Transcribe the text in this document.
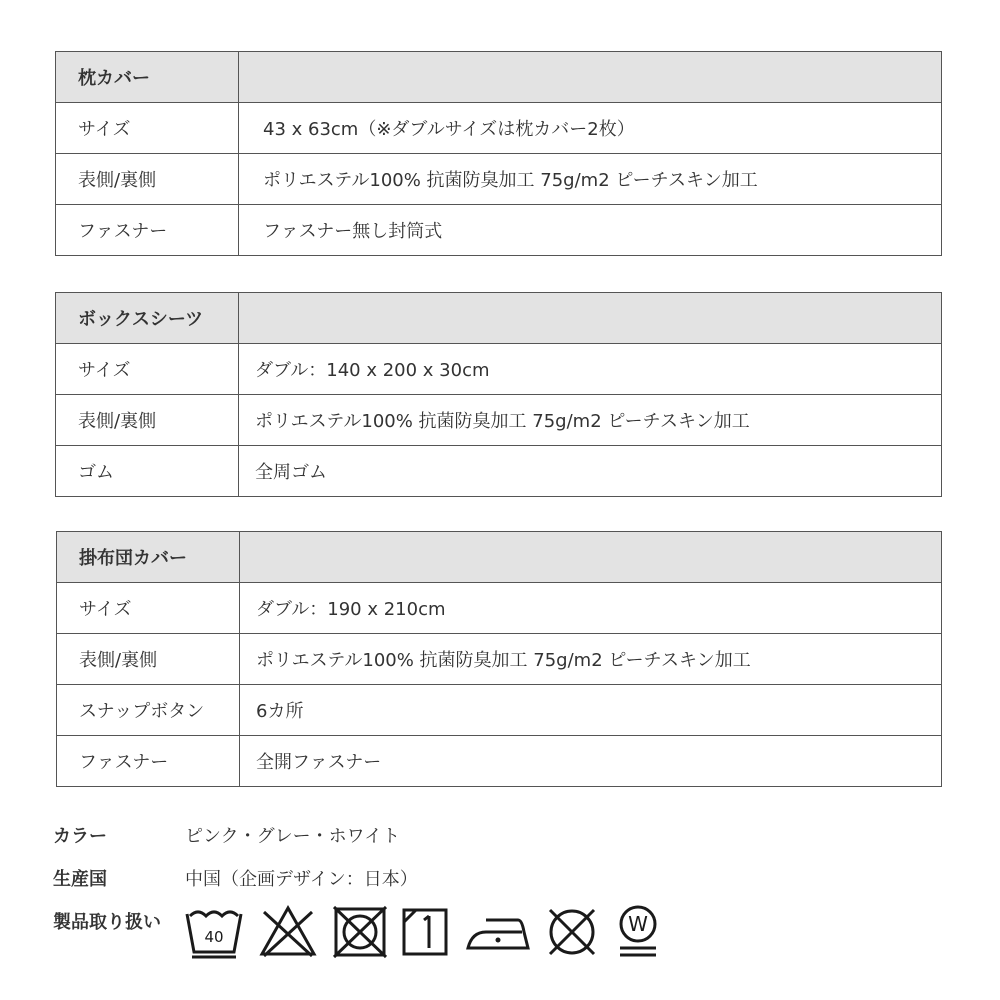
枕カバー	
サイズ	43 x 63cm（※ダブルサイズは枕カバー2枚）
表側/裏側	ポリエステル100% 抗菌防臭加工 75g/m2 ピーチスキン加工
ファスナー	ファスナー無し封筒式
ボックスシーツ	
サイズ	ダブル：140 x 200 x 30cm
表側/裏側	ポリエステル100% 抗菌防臭加工 75g/m2 ピーチスキン加工
ゴム	全周ゴム
掛布団カバー	
サイズ	ダブル：190 x 210cm
表側/裏側	ポリエステル100% 抗菌防臭加工 75g/m2 ピーチスキン加工
スナップボタン	6カ所
ファスナー	全開ファスナー
カラー	ピンク・グレー・ホワイト
生産国	中国（企画デザイン：日本）
製品取り扱い
40
W
